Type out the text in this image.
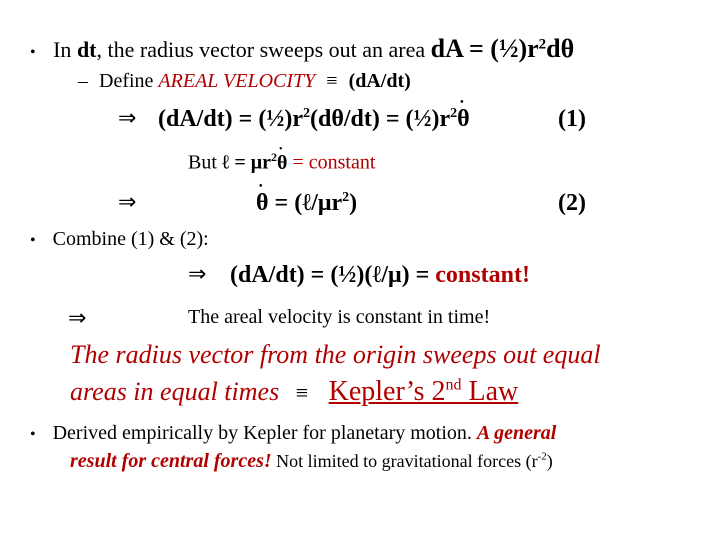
• In dt, the radius vector sweeps out an area dA = $(\frac{1}{2})r^2d\theta$
– Define AREAL VELOCITY ≡ (dA/dt)
⇒ $(dA/dt) = (\frac{1}{2})r^2(d\theta/dt)$ = $(\frac{1}{2})r^2\theta$
•
(1)
But ℓ = $\mu r^2\theta$
•
= constant
⇒	θ
•
= $(\ell/\mu r^2)$	(2)
• Combine (1) & (2):
⇒ (dA/dt) = (½)(ℓ/μ) = constant!
⇒	The areal velocity is constant in time!
The radius vector from the origin sweeps out equal
areas in equal times ≡ Kepler’s 2nd Law
• Derived empirically by Kepler for planetary motion. A general
result for central forces! Not limited to gravitational forces $(r^{-2})$
